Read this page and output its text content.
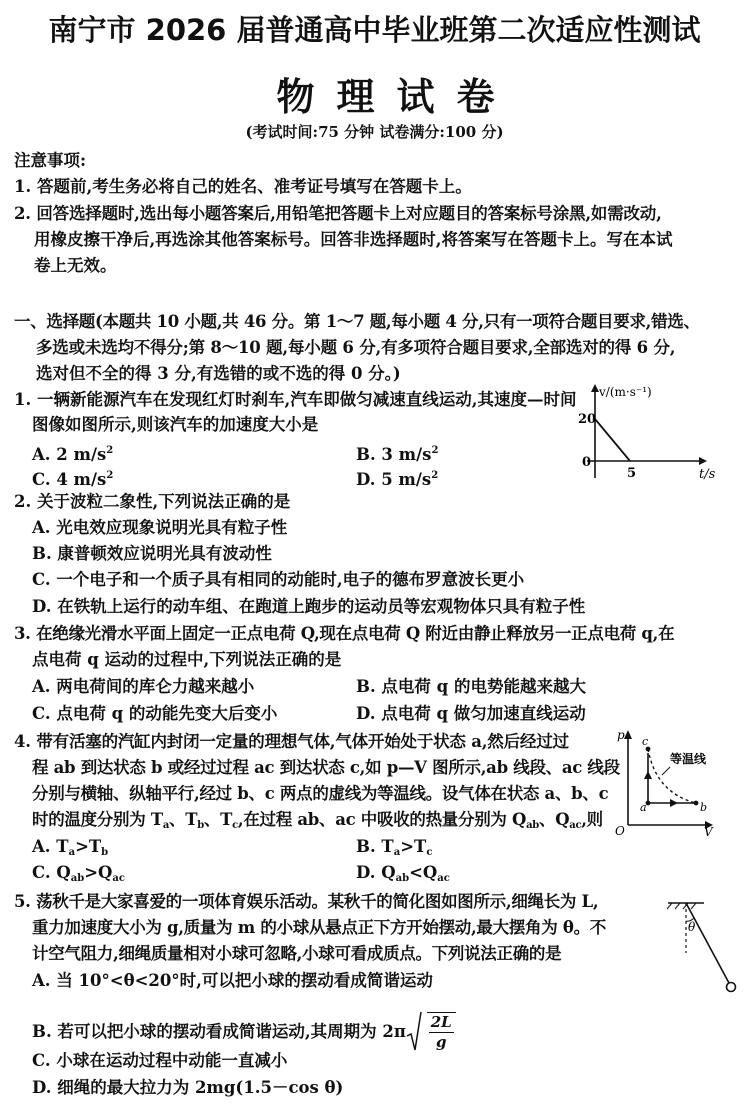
南宁市 2026 届普通高中毕业班第二次适应性测试
物理试卷
(考试时间:75 分钟 试卷满分:100 分)
注意事项:
1. 答题前,考生务必将自己的姓名、准考证号填写在答题卡上。
2. 回答选择题时,选出每小题答案后,用铅笔把答题卡上对应题目的答案标号涂黑,如需改动,
用橡皮擦干净后,再选涂其他答案标号。回答非选择题时,将答案写在答题卡上。写在本试
卷上无效。
一、选择题(本题共 10 小题,共 46 分。第 1～7 题,每小题 4 分,只有一项符合题目要求,错选、
多选或未选均不得分;第 8～10 题,每小题 6 分,有多项符合题目要求,全部选对的得 6 分,
选对但不全的得 3 分,有选错的或不选的得 0 分。)
1. 一辆新能源汽车在发现红灯时刹车,汽车即做匀减速直线运动,其速度—时间
图像如图所示,则该汽车的加速度大小是
A. 2 $m/s^2$	B. 3 $m/s^2$
C. 4 $m/s^2$	D. 5 $m/s^2$
v/(m·s⁻¹)
20
0
5	t/s
2. 关于波粒二象性,下列说法正确的是
A. 光电效应现象说明光具有粒子性
B. 康普顿效应说明光具有波动性
C. 一个电子和一个质子具有相同的动能时,电子的德布罗意波长更小
D. 在铁轨上运行的动车组、在跑道上跑步的运动员等宏观物体只具有粒子性
3. 在绝缘光滑水平面上固定一正点电荷 Q,现在点电荷 Q 附近由静止释放另一正点电荷 q,在
点电荷 q 运动的过程中,下列说法正确的是
A. 两电荷间的库仑力越来越小	B. 点电荷 q 的电势能越来越大
C. 点电荷 q 的动能先变大后变小	D. 点电荷 q 做匀加速直线运动
4. 带有活塞的汽缸内封闭一定量的理想气体,气体开始处于状态 a,然后经过过
程 ab 到达状态 b 或经过过程 ac 到达状态 c,如 p—V 图所示,ab 线段、ac 线段
分别与横轴、纵轴平行,经过 b、c 两点的虚线为等温线。设气体在状态 a、b、c
时的温度分别为 $T_a$、$T_b$、$T_c$,在过程 ab、ac 中吸收的热量分别为 $Q_{ab}$、$Q_{ac}$,则
A. $T_a>T_b$	B. $T_a>T_c$
C. $Q_{ab}>Q_{ac}$	D. $Q_{ab}<Q_{ac}$
p
V
O
a	b
c
等温线
5. 荡秋千是大家喜爱的一项体育娱乐活动。某秋千的简化图如图所示,细绳长为 L,
重力加速度大小为 g,质量为 m 的小球从悬点正下方开始摆动,最大摆角为 θ。不
计空气阻力,细绳质量相对小球可忽略,小球可看成质点。下列说法正确的是
A. 当 10°<θ<20°时,可以把小球的摆动看成简谐运动
B. 若可以把小球的摆动看成简谐运动,其周期为 2π
$\frac{2L}{g}$
C. 小球在运动过程中动能一直减小
D. 细绳的最大拉力为 2mg(1.5－cos θ)
θ
